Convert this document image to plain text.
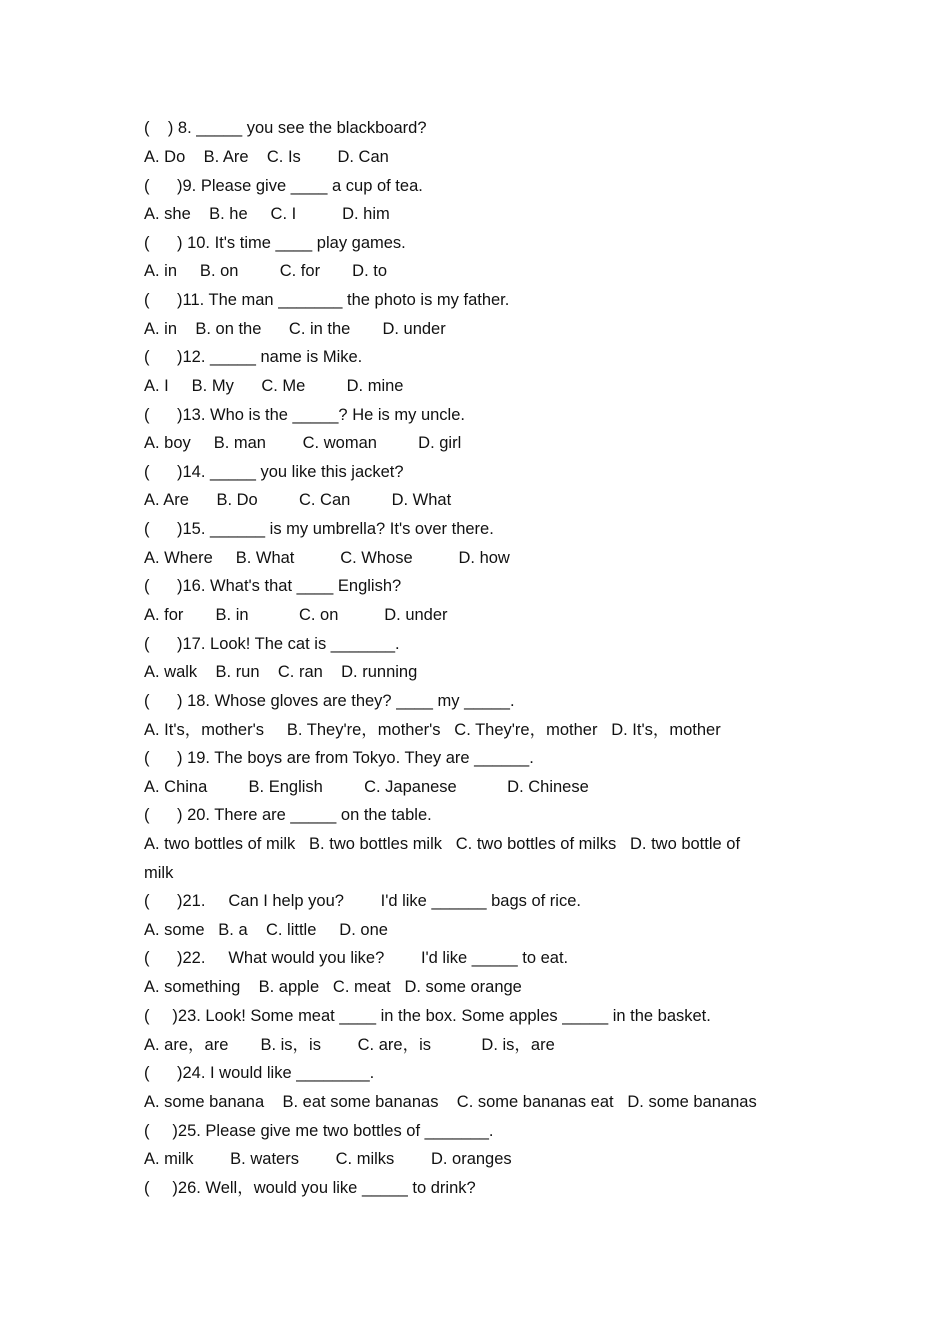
(    ) 8. _____ you see the blackboard?
A. Do    B. Are    C. Is        D. Can
(      )9. Please give ____ a cup of tea.
A. she    B. he     C. I          D. him
(      ) 10. It's time ____ play games.
A. in     B. on         C. for       D. to
(      )11. The man _______ the photo is my father.
A. in    B. on the      C. in the       D. under
(      )12. _____ name is Mike.
A. I     B. My      C. Me         D. mine
(      )13. Who is the _____? He is my uncle.
A. boy     B. man        C. woman         D. girl
(      )14. _____ you like this jacket?
A. Are      B. Do         C. Can         D. What
(      )15. ______ is my umbrella? It's over there.
A. Where     B. What          C. Whose          D. how
(      )16. What's that ____ English?
A. for       B. in           C. on          D. under
(      )17. Look! The cat is _______.
A. walk    B. run    C. ran    D. running
(      ) 18. Whose gloves are they? ____ my _____.
A. It's，mother's     B. They're，mother's   C. They're，mother   D. It's，mother
(      ) 19. The boys are from Tokyo. They are ______.
A. China         B. English         C. Japanese           D. Chinese
(      ) 20. There are _____ on the table.
A. two bottles of milk   B. two bottles milk   C. two bottles of milks   D. two bottle of
milk
(      )21.     Can I help you?        I'd like ______ bags of rice.
A. some   B. a    C. little     D. one
(      )22.     What would you like?        I'd like _____ to eat.
A. something    B. apple   C. meat   D. some orange
(     )23. Look! Some meat ____ in the box. Some apples _____ in the basket.
A. are，are       B. is，is        C. are，is           D. is，are
(      )24. I would like ________.
A. some banana    B. eat some bananas    C. some bananas eat   D. some bananas
(     )25. Please give me two bottles of _______.
A. milk        B. waters        C. milks        D. oranges
(     )26. Well，would you like _____ to drink?
